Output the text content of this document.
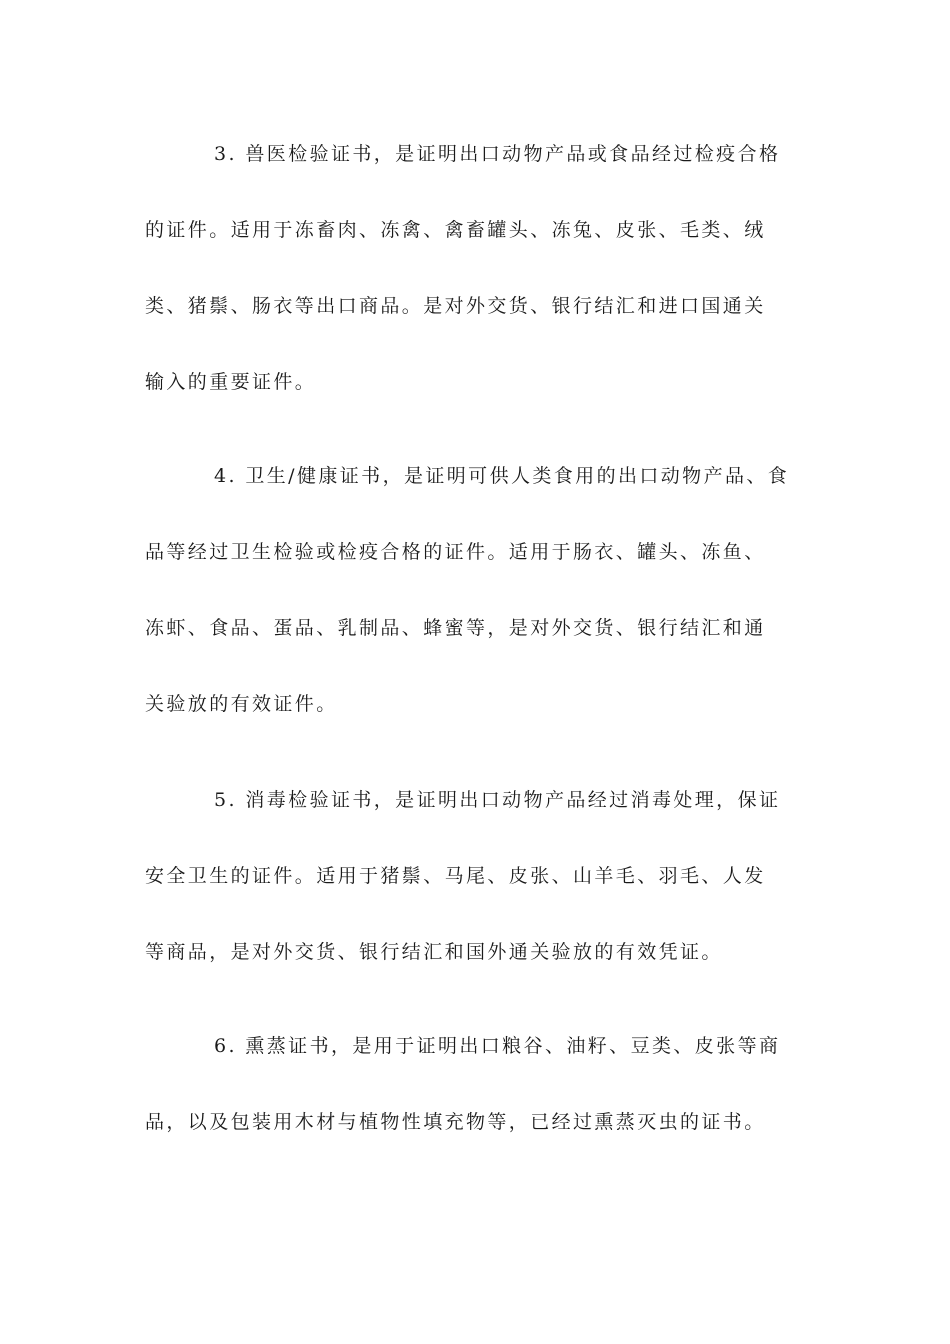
3. 兽医检验证书，是证明出口动物产品或食品经过检疫合格
的证件。适用于冻畜肉、冻禽、禽畜罐头、冻兔、皮张、毛类、绒
类、猪鬃、肠衣等出口商品。是对外交货、银行结汇和进口国通关
输入的重要证件。

4. 卫生/健康证书，是证明可供人类食用的出口动物产品、食
品等经过卫生检验或检疫合格的证件。适用于肠衣、罐头、冻鱼、
冻虾、食品、蛋品、乳制品、蜂蜜等，是对外交货、银行结汇和通
关验放的有效证件。

5. 消毒检验证书，是证明出口动物产品经过消毒处理，保证
安全卫生的证件。适用于猪鬃、马尾、皮张、山羊毛、羽毛、人发
等商品，是对外交货、银行结汇和国外通关验放的有效凭证。

6. 熏蒸证书，是用于证明出口粮谷、油籽、豆类、皮张等商
品，以及包装用木材与植物性填充物等，已经过熏蒸灭虫的证书。
